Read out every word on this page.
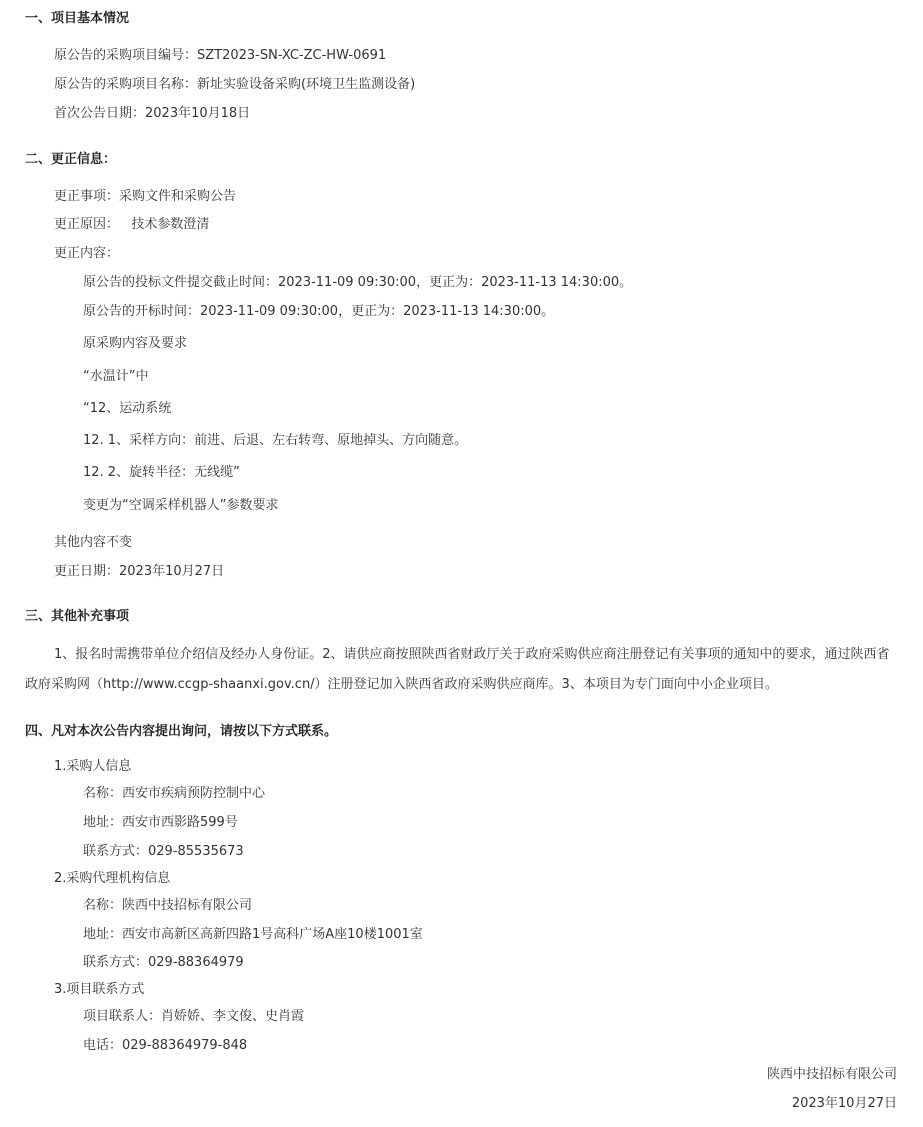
一、项目基本情况
原公告的采购项目编号：SZT2023-SN-XC-ZC-HW-0691
原公告的采购项目名称：新址实验设备采购(环境卫生监测设备)
首次公告日期：2023年10月18日
二、更正信息：
更正事项：采购文件和采购公告
更正原因：   技术参数澄清
更正内容：
原公告的投标文件提交截止时间：2023-11-09 09:30:00，更正为：2023-11-13 14:30:00。
原公告的开标时间：2023-11-09 09:30:00，更正为：2023-11-13 14:30:00。
原采购内容及要求
“水温计”中
“12、运动系统
12. 1、采样方向：前进、后退、左右转弯、原地掉头、方向随意。
12. 2、旋转半径：无线缆”
变更为“空调采样机器人”参数要求
其他内容不变
更正日期：2023年10月27日
三、其他补充事项
1、报名时需携带单位介绍信及经办人身份证。2、请供应商按照陕西省财政厅关于政府采购供应商注册登记有关事项的通知中的要求，通过陕西省政府采购网（http://www.ccgp-shaanxi.gov.cn/）注册登记加入陕西省政府采购供应商库。3、本项目为专门面向中小企业项目。
四、凡对本次公告内容提出询问，请按以下方式联系。
1.采购人信息
名称：西安市疾病预防控制中心
地址：西安市西影路599号
联系方式：029-85535673
2.采购代理机构信息
名称：陕西中技招标有限公司
地址：西安市高新区高新四路1号高科广场A座10楼1001室
联系方式：029-88364979
3.项目联系方式
项目联系人：肖娇娇、李文俊、史肖霞
电话：029-88364979-848
陕西中技招标有限公司
2023年10月27日
